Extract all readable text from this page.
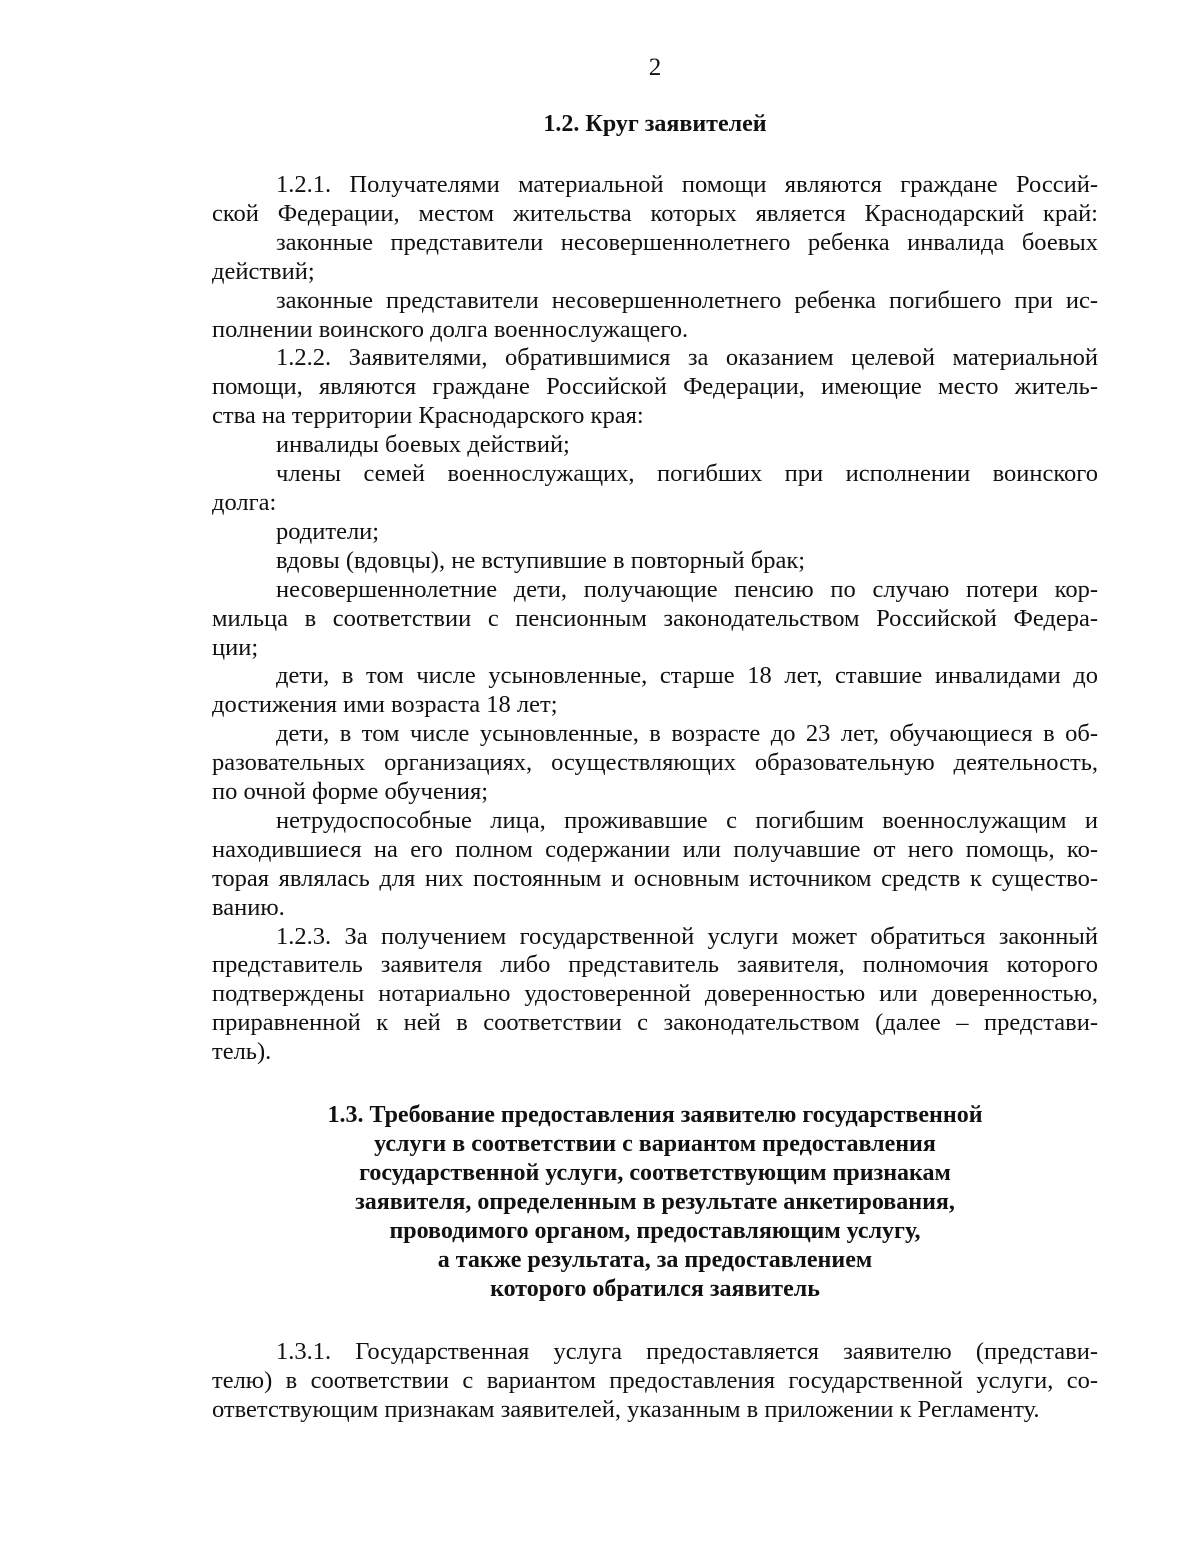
2
1.2. Круг заявителей
1.2.1. Получателями материальной помощи являются граждане Россий-
ской Федерации, местом жительства которых является Краснодарский край:
законные представители несовершеннолетнего ребенка инвалида боевых
действий;
законные представители несовершеннолетнего ребенка погибшего при ис-
полнении воинского долга военнослужащего.
1.2.2. Заявителями, обратившимися за оказанием целевой материальной
помощи, являются граждане Российской Федерации, имеющие место житель-
ства на территории Краснодарского края:
инвалиды боевых действий;
члены семей военнослужащих, погибших при исполнении воинского
долга:
родители;
вдовы (вдовцы), не вступившие в повторный брак;
несовершеннолетние дети, получающие пенсию по случаю потери кор-
мильца в соответствии с пенсионным законодательством Российской Федера-
ции;
дети, в том числе усыновленные, старше 18 лет, ставшие инвалидами до
достижения ими возраста 18 лет;
дети, в том числе усыновленные, в возрасте до 23 лет, обучающиеся в об-
разовательных организациях, осуществляющих образовательную деятельность,
по очной форме обучения;
нетрудоспособные лица, проживавшие с погибшим военнослужащим и
находившиеся на его полном содержании или получавшие от него помощь, ко-
торая являлась для них постоянным и основным источником средств к существо-
ванию.
1.2.3. За получением государственной услуги может обратиться законный
представитель заявителя либо представитель заявителя, полномочия которого
подтверждены нотариально удостоверенной доверенностью или доверенностью,
приравненной к ней в соответствии с законодательством (далее – представи-
тель).
1.3. Требование предоставления заявителю государственной
услуги в соответствии с вариантом предоставления
государственной услуги, соответствующим признакам
заявителя, определенным в результате анкетирования,
проводимого органом, предоставляющим услугу,
а также результата, за предоставлением
которого обратился заявитель
1.3.1. Государственная услуга предоставляется заявителю (представи-
телю) в соответствии с вариантом предоставления государственной услуги, со-
ответствующим признакам заявителей, указанным в приложении к Регламенту.
